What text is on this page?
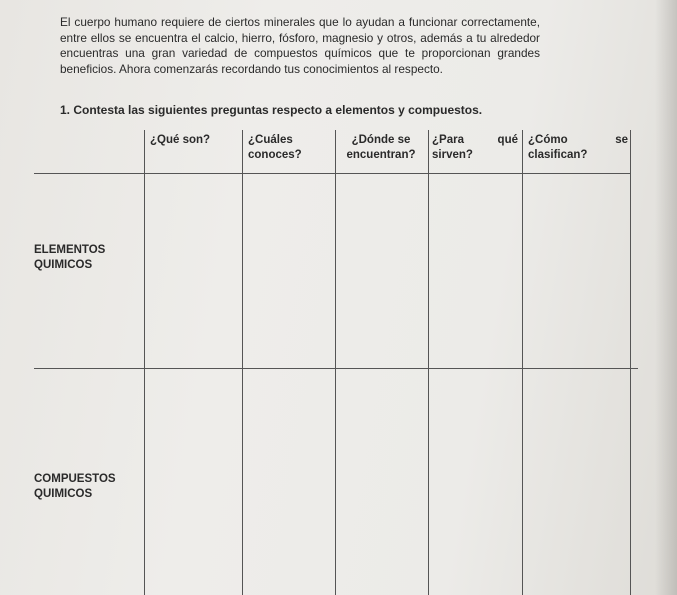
El cuerpo humano requiere de ciertos minerales que lo ayudan a funcionar correctamente, entre ellos se encuentra el calcio, hierro, fósforo, magnesio y otros, además a tu alrededor encuentras una gran variedad de compuestos químicos que te proporcionan grandes beneficios. Ahora comenzarás recordando tus conocimientos al respecto.

1. Contesta las siguientes preguntas respecto a elementos y compuestos.
¿Qué son?	¿Cuáles conoces?
¿Dónde se encuentran?
¿Para qué sirven?
¿Cómo se clasifican?
ELEMENTOS QUIMICOS
COMPUESTOS QUIMICOS
